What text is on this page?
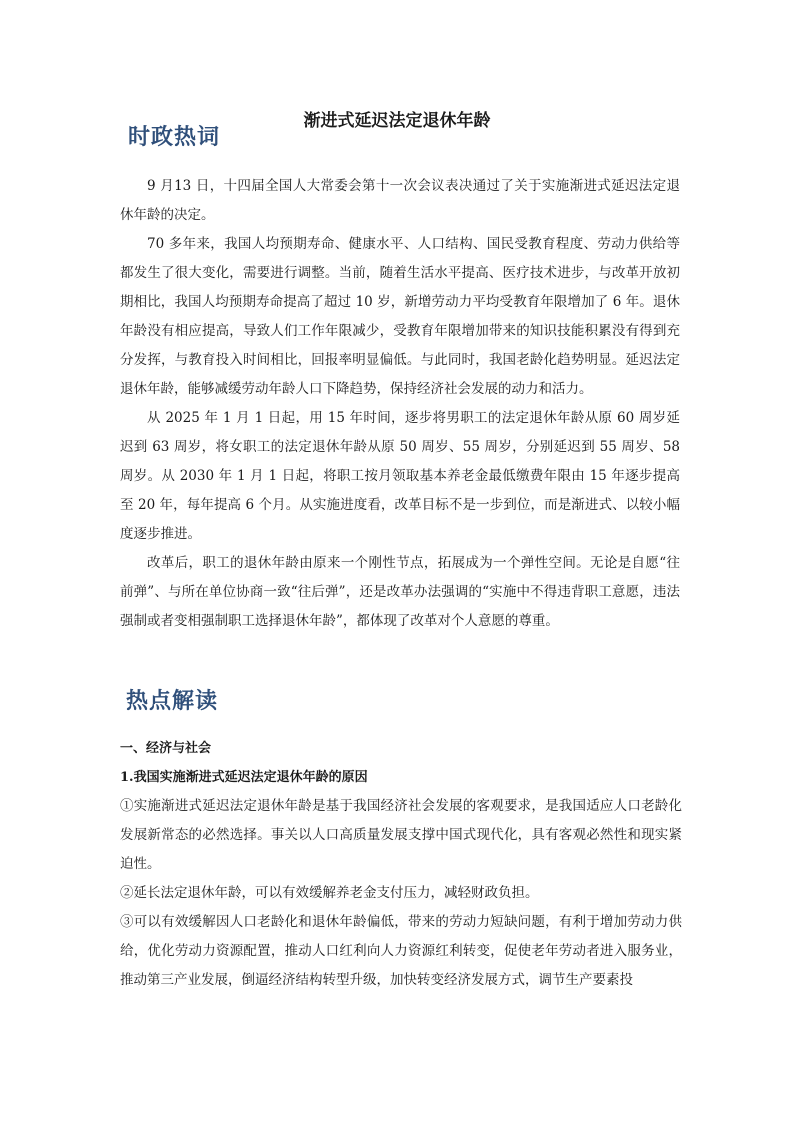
时政热词
渐进式延迟法定退休年龄

9 月13 日，十四届全国人大常委会第十一次会议表决通过了关于实施渐进式延迟法定退休年龄的决定。

70 多年来，我国人均预期寿命、健康水平、人口结构、国民受教育程度、劳动力供给等都发生了很大变化，需要进行调整。当前，随着生活水平提高、医疗技术进步，与改革开放初期相比，我国人均预期寿命提高了超过 10 岁，新增劳动力平均受教育年限增加了 6 年。退休年龄没有相应提高，导致人们工作年限减少，受教育年限增加带来的知识技能积累没有得到充分发挥，与教育投入时间相比，回报率明显偏低。与此同时，我国老龄化趋势明显。延迟法定退休年龄，能够减缓劳动年龄人口下降趋势，保持经济社会发展的动力和活力。

从 2025 年 1 月 1 日起，用 15 年时间，逐步将男职工的法定退休年龄从原 60 周岁延迟到 63 周岁，将女职工的法定退休年龄从原 50 周岁、55 周岁，分别延迟到 55 周岁、58 周岁。从 2030 年 1 月 1 日起，将职工按月领取基本养老金最低缴费年限由 15 年逐步提高至 20 年，每年提高 6 个月。从实施进度看，改革目标不是一步到位，而是渐进式、以较小幅度逐步推进。

改革后，职工的退休年龄由原来一个刚性节点，拓展成为一个弹性空间。无论是自愿“往前弹”、与所在单位协商一致“往后弹”，还是改革办法强调的“实施中不得违背职工意愿，违法强制或者变相强制职工选择退休年龄”，都体现了改革对个人意愿的尊重。

热点解读

一、经济与社会

1.我国实施渐进式延迟法定退休年龄的原因

①实施渐进式延迟法定退休年龄是基于我国经济社会发展的客观要求，是我国适应人口老龄化发展新常态的必然选择。事关以人口高质量发展支撑中国式现代化，具有客观必然性和现实紧迫性。

②延长法定退休年龄，可以有效缓解养老金支付压力，减轻财政负担。

③可以有效缓解因人口老龄化和退休年龄偏低，带来的劳动力短缺问题，有利于增加劳动力供给，优化劳动力资源配置，推动人口红利向人力资源红利转变，促使老年劳动者进入服务业，推动第三产业发展，倒逼经济结构转型升级，加快转变经济发展方式，调节生产要素投
